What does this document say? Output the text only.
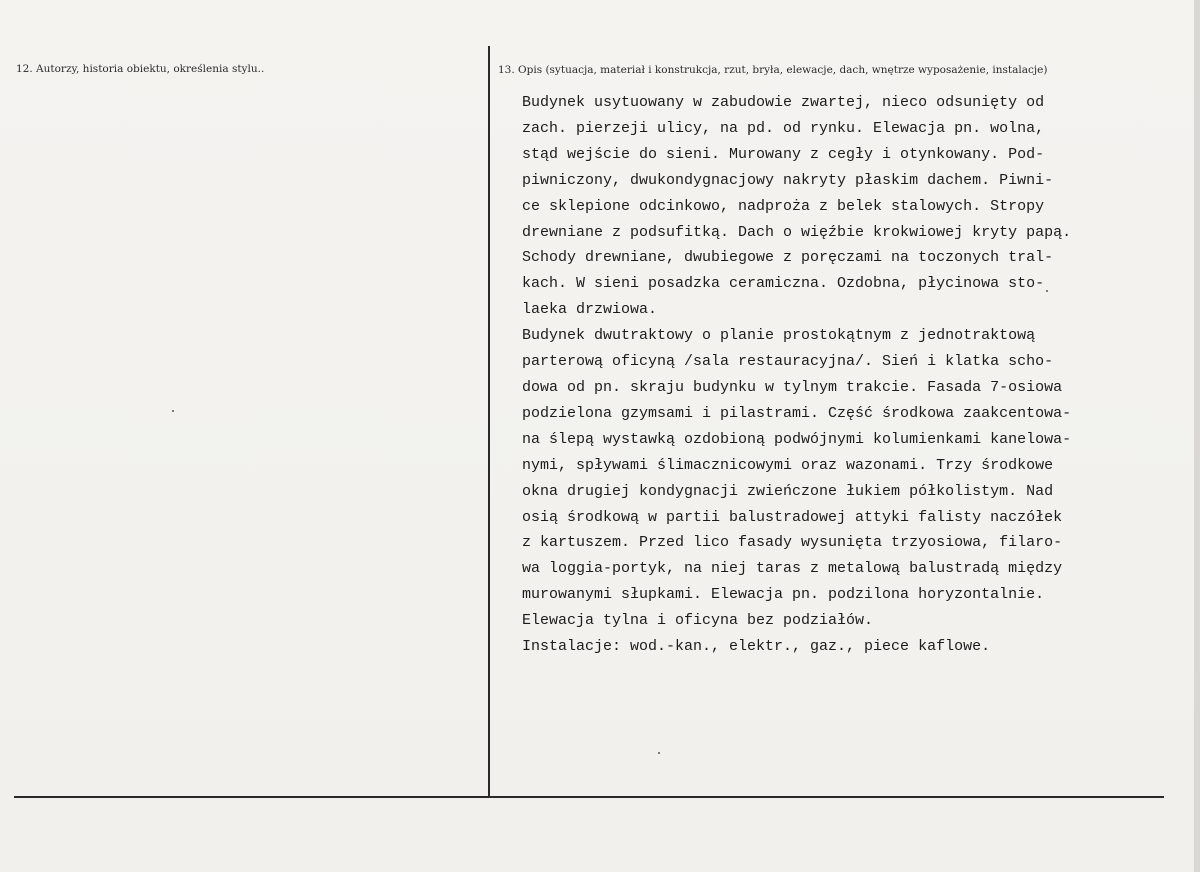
12. Autorzy, historia obiektu, określenia stylu..	13. Opis (sytuacja, materiał i konstrukcja, rzut, bryła, elewacje, dach, wnętrze wyposażenie, instalacje)
Budynek usytuowany w zabudowie zwartej, nieco odsunięty od
zach. pierzeji ulicy, na pd. od rynku. Elewacja pn. wolna,
stąd wejście do sieni. Murowany z cegły i otynkowany. Pod-
piwniczony, dwukondygnacjowy nakryty płaskim dachem. Piwni-
ce sklepione odcinkowo, nadproża z belek stalowych. Stropy
drewniane z podsufitką. Dach o więźbie krokwiowej kryty papą.
Schody drewniane, dwubiegowe z poręczami na toczonych tral-
kach. W sieni posadzka ceramiczna. Ozdobna, płycinowa sto-
laeka drzwiowa.
Budynek dwutraktowy o planie prostokątnym z jednotraktową
parterową oficyną /sala restauracyjna/. Sień i klatka scho-
dowa od pn. skraju budynku w tylnym trakcie. Fasada 7-osiowa
podzielona gzymsami i pilastrami. Część środkowa zaakcentowa-
na ślepą wystawką ozdobioną podwójnymi kolumienkami kanelowa-
nymi, spływami ślimacznicowymi oraz wazonami. Trzy środkowe
okna drugiej kondygnacji zwieńczone łukiem półkolistym. Nad
osią środkową w partii balustradowej attyki falisty naczółek
z kartuszem. Przed lico fasady wysunięta trzyosiowa, filaro-
wa loggia-portyk, na niej taras z metalową balustradą między
murowanymi słupkami. Elewacja pn. podzilona horyzontalnie.
Elewacja tylna i oficyna bez podziałów.
Instalacje: wod.-kan., elektr., gaz., piece kaflowe.
